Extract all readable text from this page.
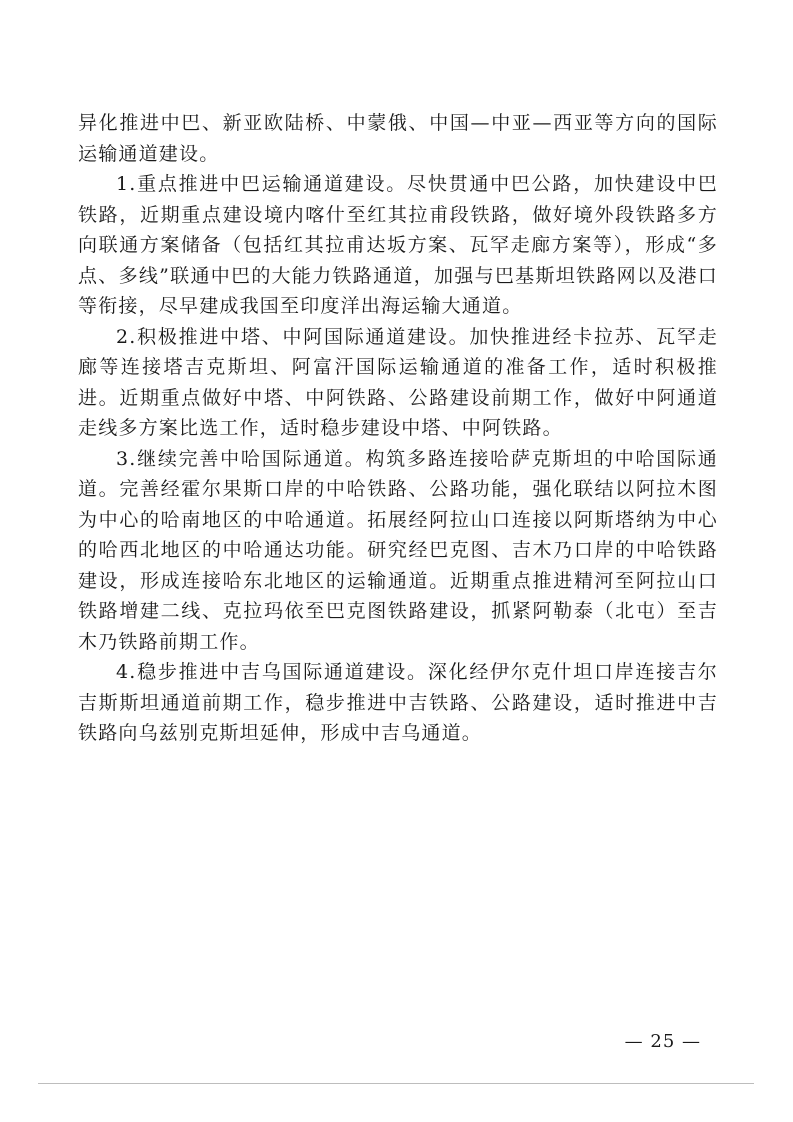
异化推进中巴、新亚欧陆桥、中蒙俄、中国—中亚—西亚等方向的国际运输通道建设。

1.重点推进中巴运输通道建设。尽快贯通中巴公路，加快建设中巴铁路，近期重点建设境内喀什至红其拉甫段铁路，做好境外段铁路多方向联通方案储备（包括红其拉甫达坂方案、瓦罕走廊方案等），形成“多点、多线”联通中巴的大能力铁路通道，加强与巴基斯坦铁路网以及港口等衔接，尽早建成我国至印度洋出海运输大通道。

2.积极推进中塔、中阿国际通道建设。加快推进经卡拉苏、瓦罕走廊等连接塔吉克斯坦、阿富汗国际运输通道的准备工作，适时积极推进。近期重点做好中塔、中阿铁路、公路建设前期工作，做好中阿通道走线多方案比选工作，适时稳步建设中塔、中阿铁路。

3.继续完善中哈国际通道。构筑多路连接哈萨克斯坦的中哈国际通道。完善经霍尔果斯口岸的中哈铁路、公路功能，强化联结以阿拉木图为中心的哈南地区的中哈通道。拓展经阿拉山口连接以阿斯塔纳为中心的哈西北地区的中哈通达功能。研究经巴克图、吉木乃口岸的中哈铁路建设，形成连接哈东北地区的运输通道。近期重点推进精河至阿拉山口铁路增建二线、克拉玛依至巴克图铁路建设，抓紧阿勒泰（北屯）至吉木乃铁路前期工作。

4.稳步推进中吉乌国际通道建设。深化经伊尔克什坦口岸连接吉尔吉斯斯坦通道前期工作，稳步推进中吉铁路、公路建设，适时推进中吉铁路向乌兹别克斯坦延伸，形成中吉乌通道。

— 25 —
